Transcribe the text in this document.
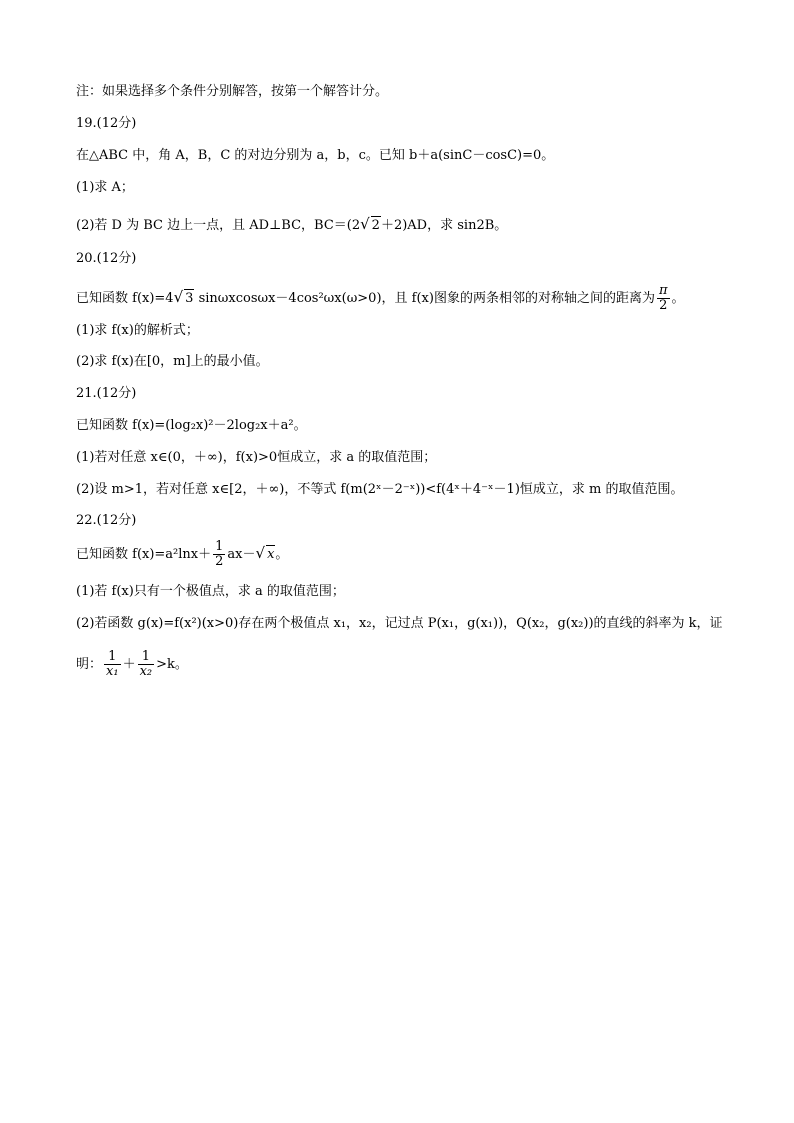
注：如果选择多个条件分别解答，按第一个解答计分。
19.(12分)
在△ABC 中，角 A，B，C 的对边分别为 a，b，c。已知 b＋a(sinC－cosC)=0。
(1)求 A；
(2)若 D 为 BC 边上一点，且 AD⊥BC，BC＝(2√ 2＋2)AD，求 sin2B。
20.(12分)
已知函数 f(x)=4√ 3 sinωxcosωx－4cos²ωx(ω>0)，且 f(x)图象的两条相邻的对称轴之间的距离为 $\frac{\pi}{2}$ 。
(1)求 f(x)的解析式；
(2)求 f(x)在[0，m]上的最小值。
21.(12分)
已知函数 f(x)=(log₂x)²－2log₂x＋a²。
(1)若对任意 x∈(0，＋∞)，f(x)>0恒成立，求 a 的取值范围；
(2)设 m>1，若对任意 x∈[2，＋∞)，不等式 f(m(2ˣ－2⁻ˣ))<f(4ˣ＋4⁻ˣ－1)恒成立，求 m 的取值范围。
22.(12分)
已知函数 $f(x)=a^2\ln x+ \frac{1}{2} ax-√$ x。
(1)若 f(x)只有一个极值点，求 a 的取值范围；
(2)若函数 g(x)=f(x²)(x>0)存在两个极值点 x₁，x₂，记过点 P(x₁，g(x₁))，Q(x₂，g(x₂))的直线的斜率为 k，证
明： $\frac{1}{\text{x₁}} + \frac{1}{\text{x₂}} >k$。
